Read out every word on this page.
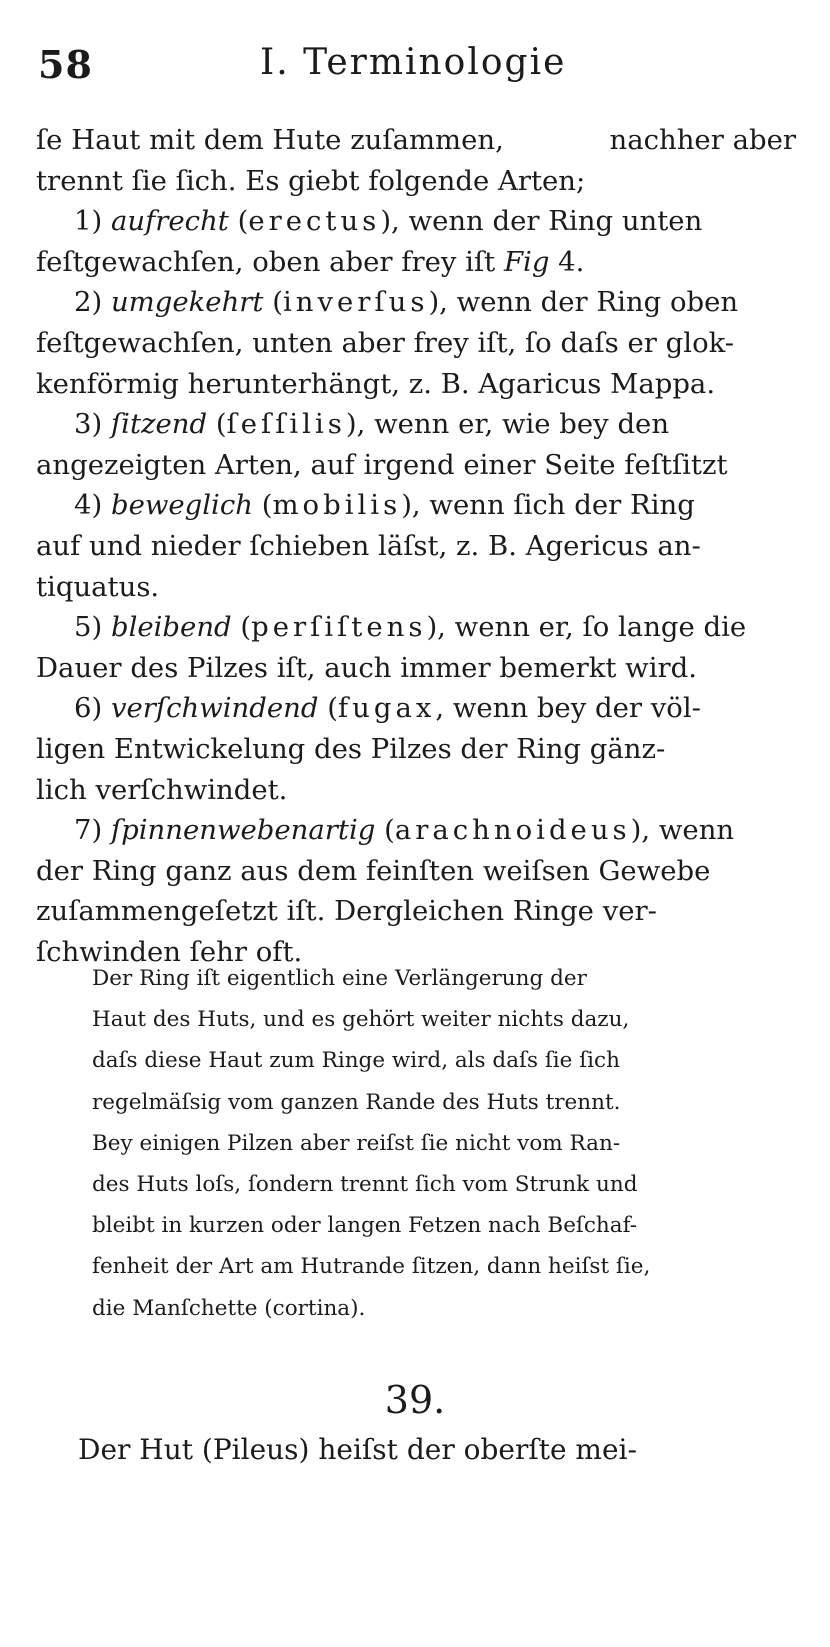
58	I. Terminologie
ſe Haut mit dem Hute zuſammen,	nachher aber
trennt ſie ſich. Es giebt folgende Arten;
1) aufrecht (erectus), wenn der Ring unten
feſtgewachſen, oben aber frey iſt Fig 4.
2) umgekehrt (inverſus), wenn der Ring oben
feſtgewachſen, unten aber frey iſt, ſo daſs er glok-
kenförmig herunterhängt, z. B. Agaricus Mappa.
3) ſitzend (ſeſſilis), wenn er, wie bey den
angezeigten Arten, auf irgend einer Seite feſtſitzt
4) beweglich (mobilis), wenn ſich der Ring
auf und nieder ſchieben läſst, z. B. Agericus an-
tiquatus.
5) bleibend (perſiſtens), wenn er, ſo lange die
Dauer des Pilzes iſt, auch immer bemerkt wird.
6) verſchwindend (fugax, wenn bey der völ-
ligen Entwickelung des Pilzes der Ring gänz-
lich verſchwindet.
7) ſpinnenwebenartig (arachnoideus), wenn
der Ring ganz aus dem feinſten weiſsen Gewebe
zuſammengeſetzt iſt. Dergleichen Ringe ver-
ſchwinden ſehr oft.
Der Ring iſt eigentlich eine Verlängerung der
Haut des Huts, und es gehört weiter nichts dazu,
daſs diese Haut zum Ringe wird, als daſs ſie ſich
regelmäſsig vom ganzen Rande des Huts trennt.
Bey einigen Pilzen aber reiſst ſie nicht vom Ran-
des Huts loſs, ſondern trennt ſich vom Strunk und
bleibt in kurzen oder langen Fetzen nach Beſchaf-
fenheit der Art am Hutrande ſitzen, dann heiſst ſie,
die Manſchette (cortina).
39.
Der Hut (Pileus) heiſst der oberſte mei-
